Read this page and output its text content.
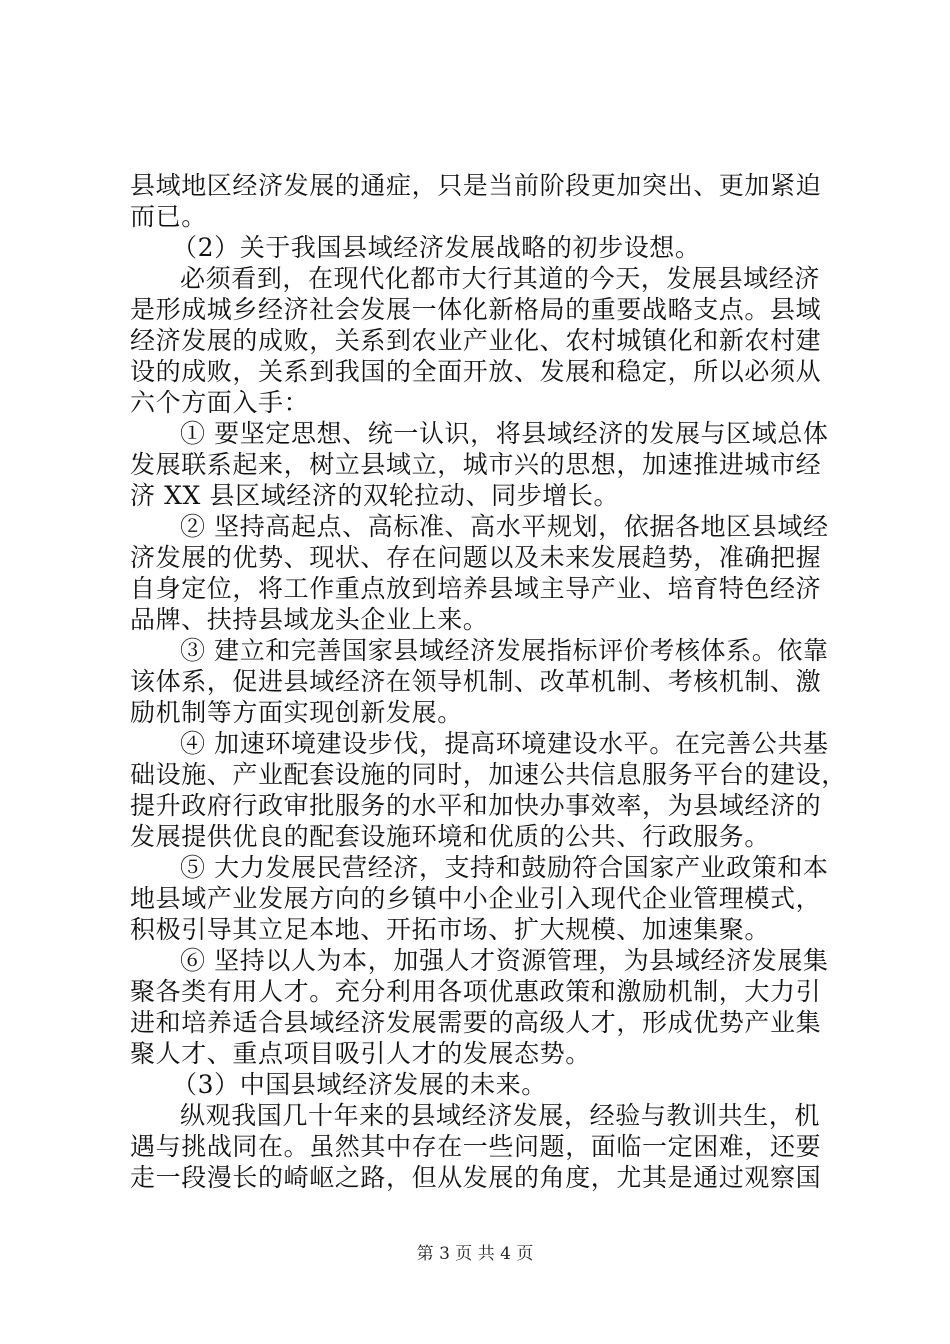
县域地区经济发展的通症，只是当前阶段更加突出、更加紧迫
而已。
（2）关于我国县域经济发展战略的初步设想。
必须看到，在现代化都市大行其道的今天，发展县域经济
是形成城乡经济社会发展一体化新格局的重要战略支点。县域
经济发展的成败，关系到农业产业化、农村城镇化和新农村建
设的成败，关系到我国的全面开放、发展和稳定，所以必须从
六个方面入手：
① 要坚定思想、统一认识，将县域经济的发展与区域总体
发展联系起来，树立县域立，城市兴的思想，加速推进城市经
济 XX 县区域经济的双轮拉动、同步增长。
② 坚持高起点、高标准、高水平规划，依据各地区县域经
济发展的优势、现状、存在问题以及未来发展趋势，准确把握
自身定位，将工作重点放到培养县域主导产业、培育特色经济
品牌、扶持县域龙头企业上来。
③ 建立和完善国家县域经济发展指标评价考核体系。依靠
该体系，促进县域经济在领导机制、改革机制、考核机制、激
励机制等方面实现创新发展。
④ 加速环境建设步伐，提高环境建设水平。在完善公共基
础设施、产业配套设施的同时，加速公共信息服务平台的建设，
提升政府行政审批服务的水平和加快办事效率，为县域经济的
发展提供优良的配套设施环境和优质的公共、行政服务。
⑤ 大力发展民营经济，支持和鼓励符合国家产业政策和本
地县域产业发展方向的乡镇中小企业引入现代企业管理模式，
积极引导其立足本地、开拓市场、扩大规模、加速集聚。
⑥ 坚持以人为本，加强人才资源管理，为县域经济发展集
聚各类有用人才。充分利用各项优惠政策和激励机制，大力引
进和培养适合县域经济发展需要的高级人才，形成优势产业集
聚人才、重点项目吸引人才的发展态势。
（3）中国县域经济发展的未来。
纵观我国几十年来的县域经济发展，经验与教训共生，机
遇与挑战同在。虽然其中存在一些问题，面临一定困难，还要
走一段漫长的崎岖之路，但从发展的角度，尤其是通过观察国
第 3 页 共 4 页
